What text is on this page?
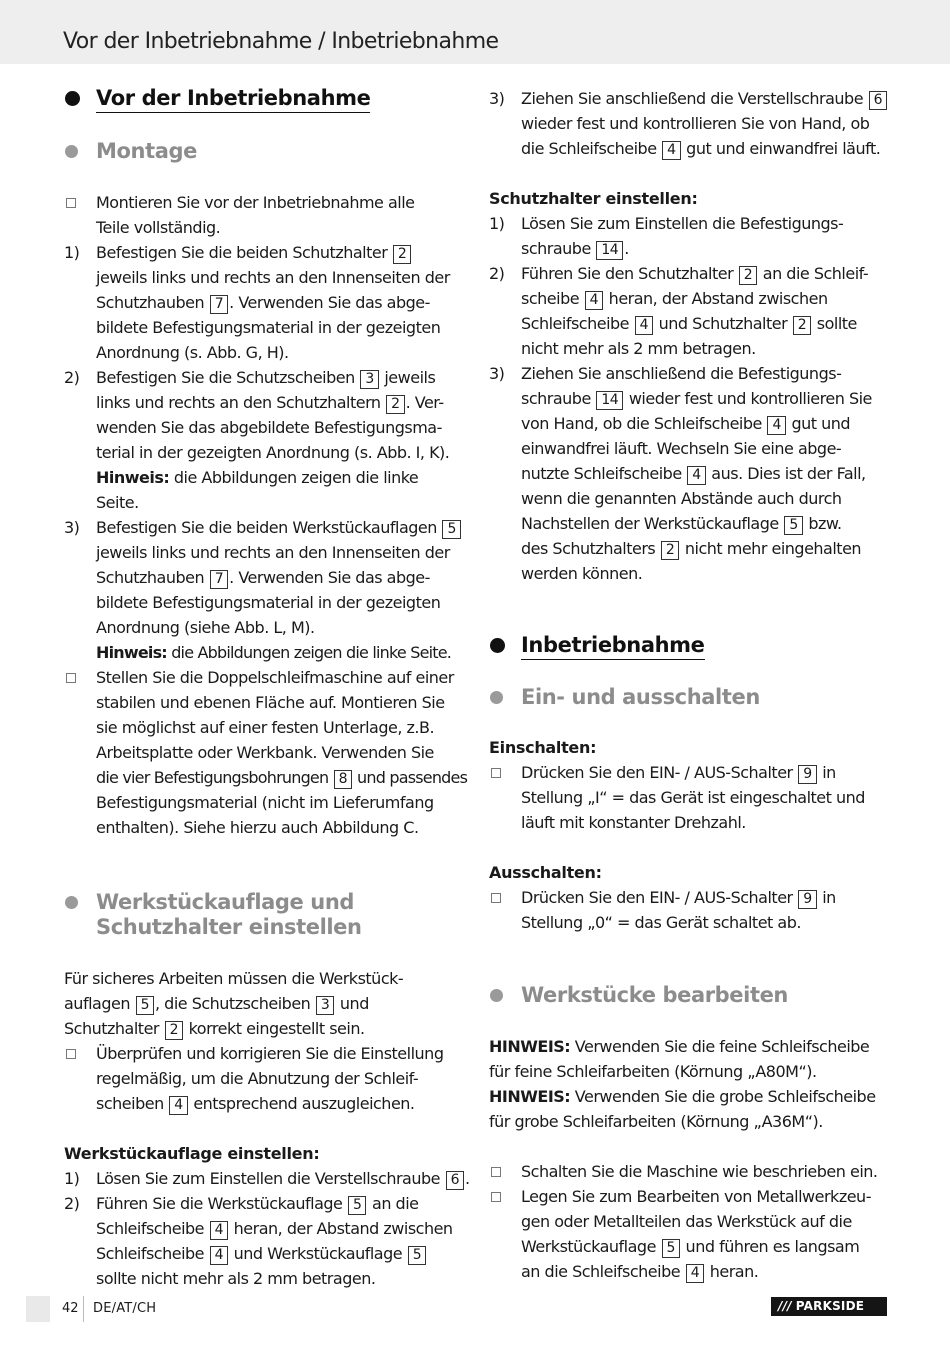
Vor der Inbetriebnahme / Inbetriebnahme
Vor der Inbetriebnahme
Montage
Montieren Sie vor der Inbetriebnahme alle
Teile vollständig.
1) Befestigen Sie die beiden Schutzhalter 2
jeweils links und rechts an den Innenseiten der
Schutzhauben 7 . Verwenden Sie das abge-
bildete Befestigungsmaterial in der gezeigten
Anordnung (s. Abb. G, H).
2) Befestigen Sie die Schutzscheiben 3 jeweils
links und rechts an den Schutzhaltern 2 . Ver-
wenden Sie das abgebildete Befestigungsma-
terial in der gezeigten Anordnung (s. Abb. I, K).
Hinweis: die Abbildungen zeigen die linke
Seite.
3) Befestigen Sie die beiden Werkstückauflagen 5
jeweils links und rechts an den Innenseiten der
Schutzhauben 7 . Verwenden Sie das abge-
bildete Befestigungsmaterial in der gezeigten
Anordnung (siehe Abb. L, M).
Hinweis: die Abbildungen zeigen die linke Seite.
Stellen Sie die Doppelschleifmaschine auf einer
stabilen und ebenen Fläche auf. Montieren Sie
sie möglichst auf einer festen Unterlage, z.B.
Arbeitsplatte oder Werkbank. Verwenden Sie
die vier Befestigungsbohrungen 8 und passendes
Befestigungsmaterial (nicht im Lieferumfang
enthalten). Siehe hierzu auch Abbildung C.
Werkstückauflage und
Schutzhalter einstellen

Für sicheres Arbeiten müssen die Werkstück-

auflagen 5 , die Schutzscheiben 3 und

Schutzhalter 2 korrekt eingestellt sein.

Überprüfen und korrigieren Sie die Einstellung
regelmäßig, um die Abnutzung der Schleif-
scheiben 4 entsprechend auszugleichen.

Werkstückauflage einstellen:

1) Lösen Sie zum Einstellen die Verstellschraube 6 .
2) Führen Sie die Werkstückauflage 5 an die
Schleifscheibe 4 heran, der Abstand zwischen
Schleifscheibe 4 und Werkstückauflage 5
sollte nicht mehr als 2 mm betragen.
3) Ziehen Sie anschließend die Verstellschraube 6
wieder fest und kontrollieren Sie von Hand, ob
die Schleifscheibe 4 gut und einwandfrei läuft.

Schutzhalter einstellen:

1) Lösen Sie zum Einstellen die Befestigungs-
schraube 14 .
2) Führen Sie den Schutzhalter 2 an die Schleif-
scheibe 4 heran, der Abstand zwischen
Schleifscheibe 4 und Schutzhalter 2 sollte
nicht mehr als 2 mm betragen.
3) Ziehen Sie anschließend die Befestigungs-
schraube 14 wieder fest und kontrollieren Sie
von Hand, ob die Schleifscheibe 4 gut und
einwandfrei läuft. Wechseln Sie eine abge-
nutzte Schleifscheibe 4 aus. Dies ist der Fall,
wenn die genannten Abstände auch durch
Nachstellen der Werkstückauflage 5 bzw.
des Schutzhalters 2 nicht mehr eingehalten
werden können.
Inbetriebnahme
Ein- und ausschalten

Einschalten:

Drücken Sie den EIN- / AUS-Schalter 9 in
Stellung „I“ = das Gerät ist eingeschaltet und
läuft mit konstanter Drehzahl.

Ausschalten:

Drücken Sie den EIN- / AUS-Schalter 9 in
Stellung „0“ = das Gerät schaltet ab.
Werkstücke bearbeiten

HINWEIS: Verwenden Sie die feine Schleifscheibe

für feine Schleifarbeiten (Körnung „A80M“).

HINWEIS: Verwenden Sie die grobe Schleifscheibe

für grobe Schleifarbeiten (Körnung „A36M“).

Schalten Sie die Maschine wie beschrieben ein.
Legen Sie zum Bearbeiten von Metallwerkzeu-
gen oder Metallteilen das Werkstück auf die
Werkstückauflage 5 und führen es langsam
an die Schleifscheibe 4 heran.
42 DE/AT/CH	/// PARKSIDE
